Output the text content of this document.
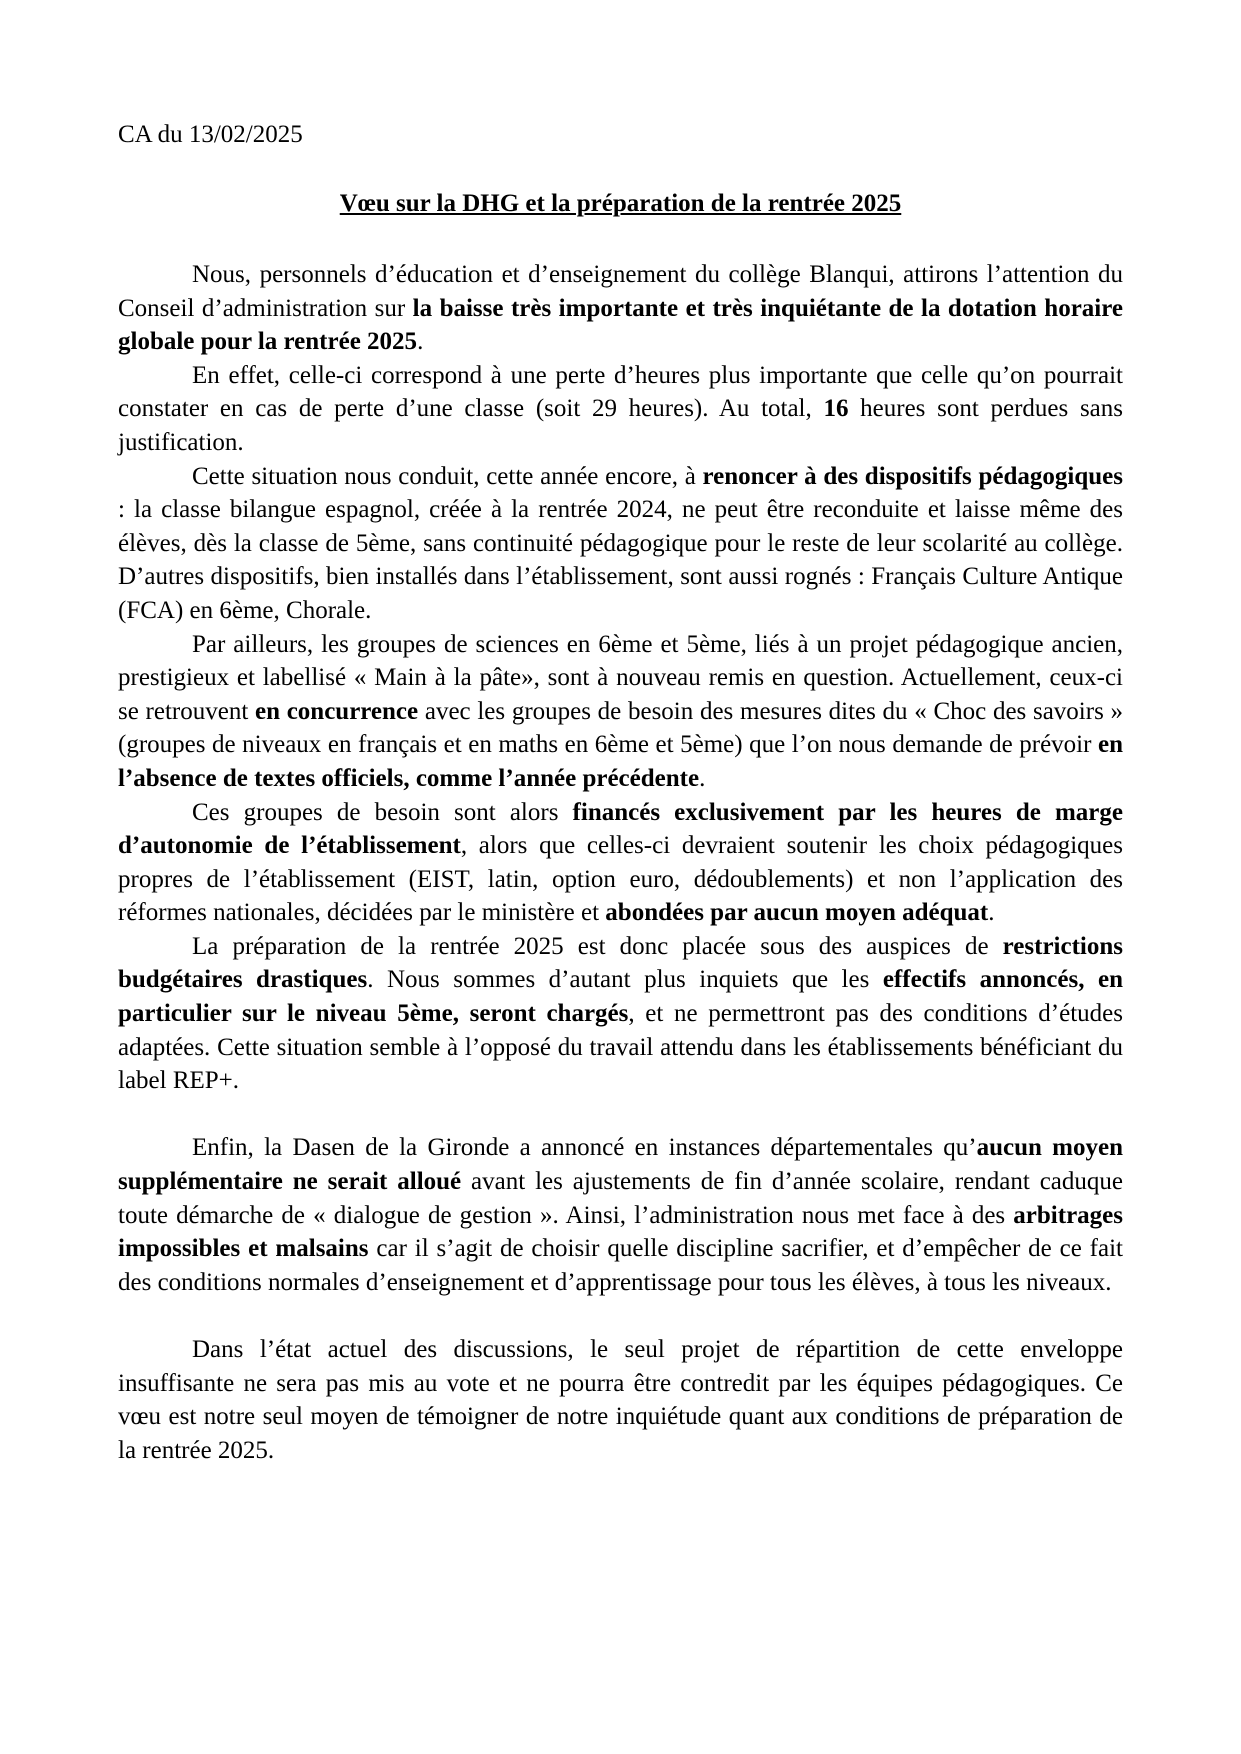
CA du 13/02/2025

Vœu sur la DHG et la préparation de la rentrée 2025

Nous, personnels d’éducation et d’enseignement du collège Blanqui, attirons l’attention du Conseil d’administration sur la baisse très importante et très inquiétante de la dotation horaire globale pour la rentrée 2025.

En effet, celle-ci correspond à une perte d’heures plus importante que celle qu’on pourrait constater en cas de perte d’une classe (soit 29 heures). Au total, 16 heures sont perdues sans justification.

Cette situation nous conduit, cette année encore, à renoncer à des dispositifs pédagogiques : la classe bilangue espagnol, créée à la rentrée 2024, ne peut être reconduite et laisse même des élèves, dès la classe de 5ème, sans continuité pédagogique pour le reste de leur scolarité au collège. D’autres dispositifs, bien installés dans l’établissement, sont aussi rognés : Français Culture Antique (FCA) en 6ème, Chorale.

Par ailleurs, les groupes de sciences en 6ème et 5ème, liés à un projet pédagogique ancien, prestigieux et labellisé « Main à la pâte», sont à nouveau remis en question. Actuellement, ceux-ci se retrouvent en concurrence avec les groupes de besoin des mesures dites du « Choc des savoirs » (groupes de niveaux en français et en maths en 6ème et 5ème) que l’on nous demande de prévoir en l’absence de textes officiels, comme l’année précédente.

Ces groupes de besoin sont alors financés exclusivement par les heures de marge d’autonomie de l’établissement, alors que celles-ci devraient soutenir les choix pédagogiques propres de l’établissement (EIST, latin, option euro, dédoublements) et non l’application des réformes nationales, décidées par le ministère et abondées par aucun moyen adéquat.

La préparation de la rentrée 2025 est donc placée sous des auspices de restrictions budgétaires drastiques. Nous sommes d’autant plus inquiets que les effectifs annoncés, en particulier sur le niveau 5ème, seront chargés, et ne permettront pas des conditions d’études adaptées. Cette situation semble à l’opposé du travail attendu dans les établissements bénéficiant du label REP+.

Enfin, la Dasen de la Gironde a annoncé en instances départementales qu’aucun moyen supplémentaire ne serait alloué avant les ajustements de fin d’année scolaire, rendant caduque toute démarche de « dialogue de gestion ». Ainsi, l’administration nous met face à des arbitrages impossibles et malsains car il s’agit de choisir quelle discipline sacrifier, et d’empêcher de ce fait des conditions normales d’enseignement et d’apprentissage pour tous les élèves, à tous les niveaux.

Dans l’état actuel des discussions, le seul projet de répartition de cette enveloppe insuffisante ne sera pas mis au vote et ne pourra être contredit par les équipes pédagogiques. Ce vœu est notre seul moyen de témoigner de notre inquiétude quant aux conditions de préparation de la rentrée 2025.
